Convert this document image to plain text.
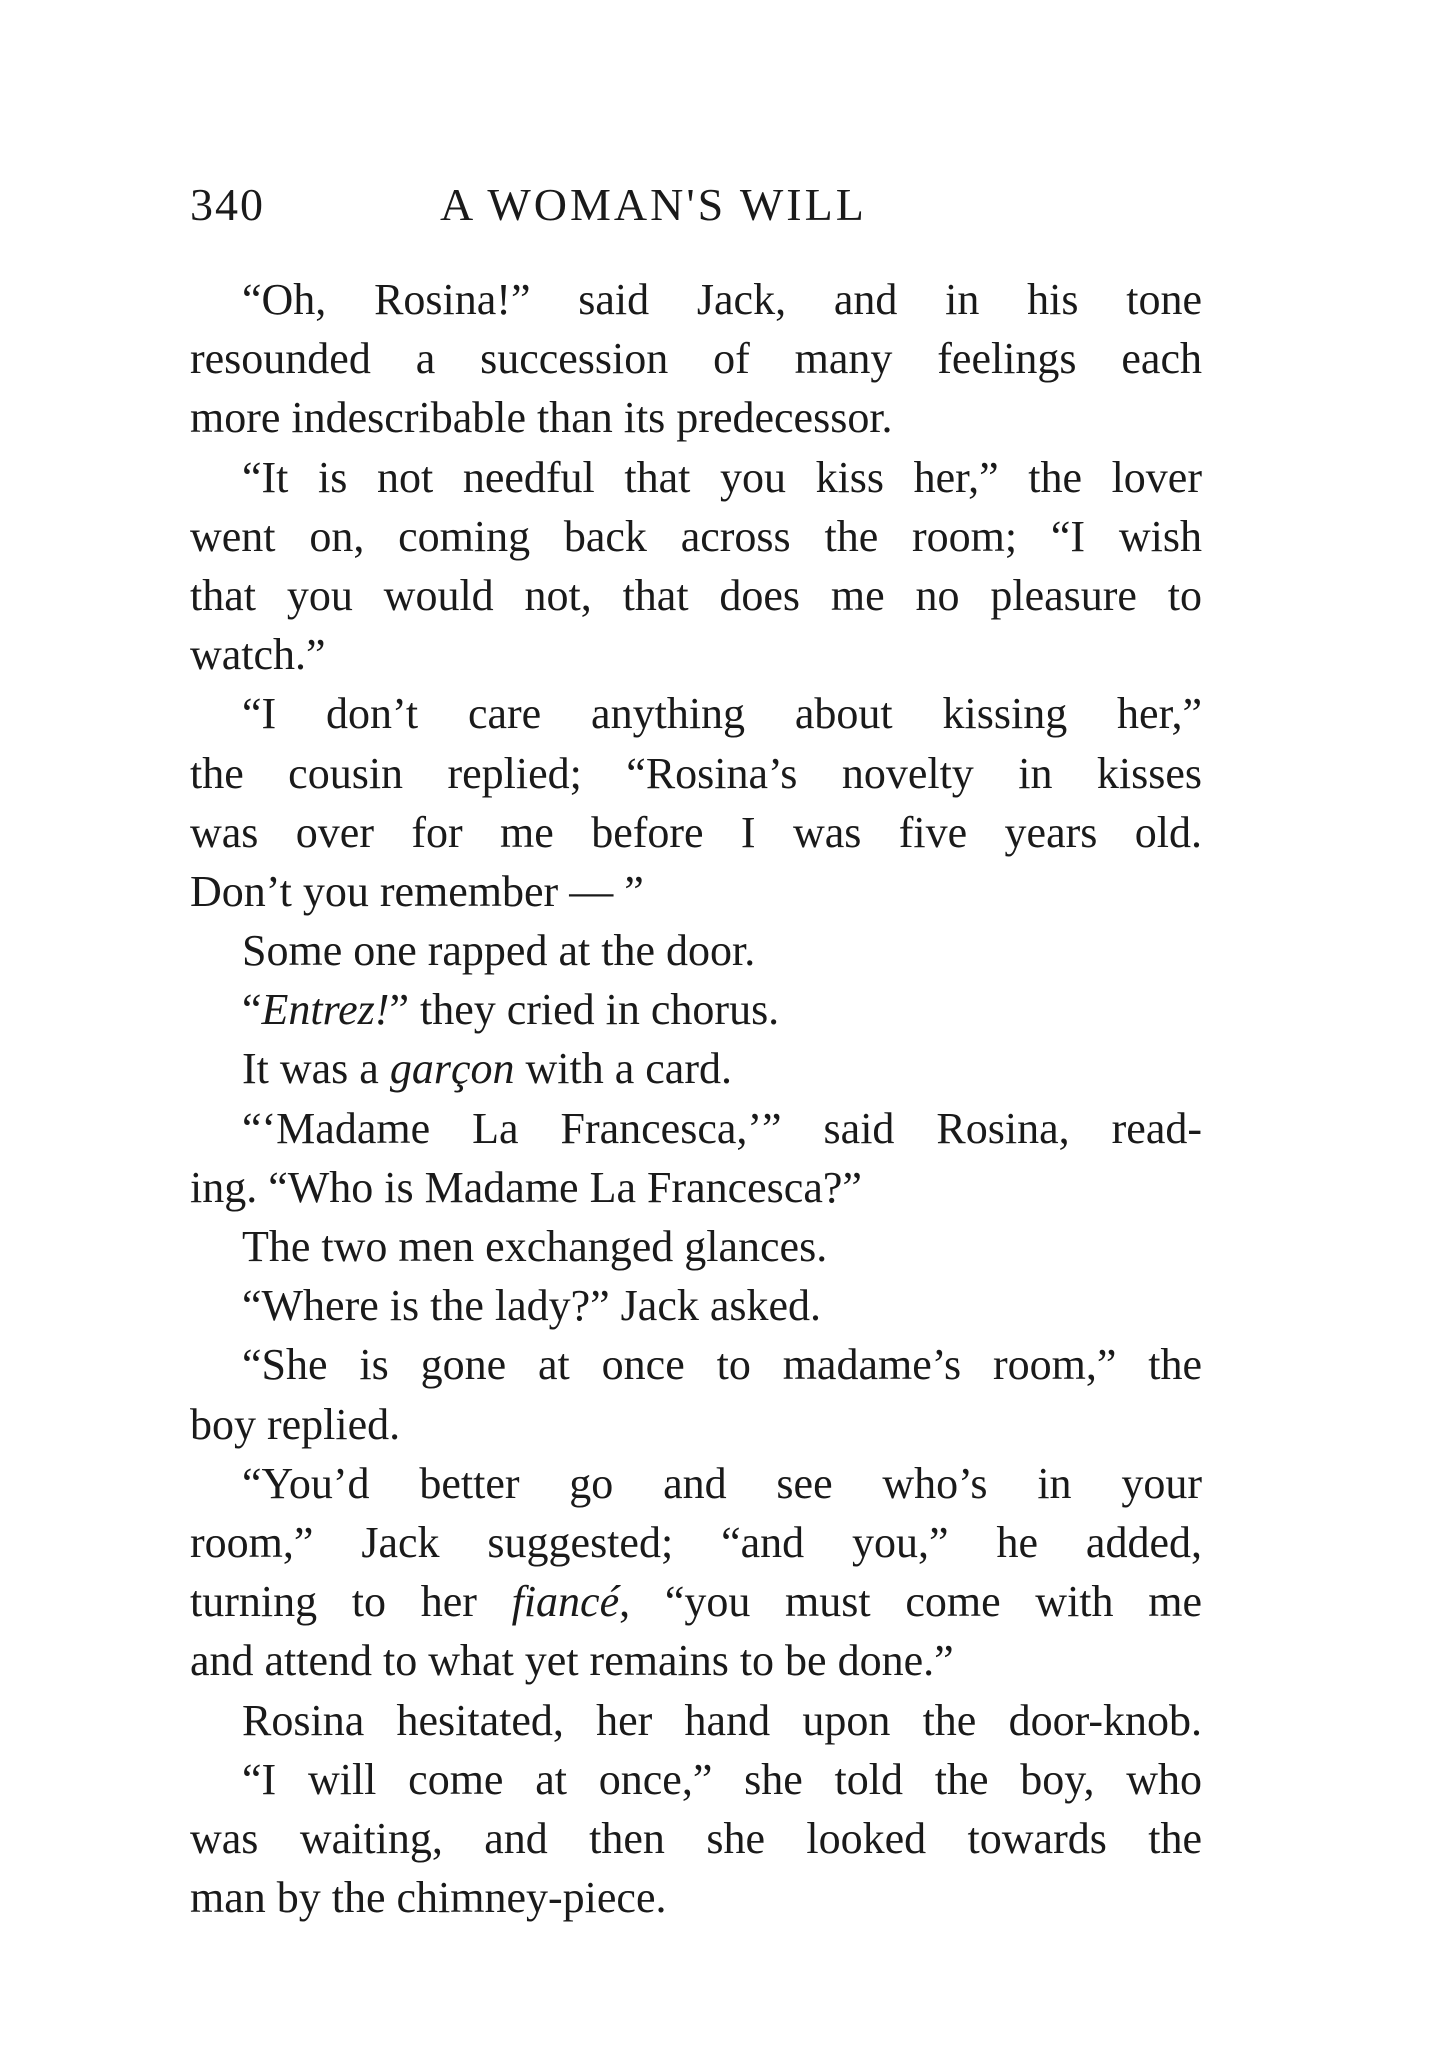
340	A WOMAN'S WILL
“Oh, Rosina!” said Jack, and in his tone
resounded a succession of many feelings each
more indescribable than its predecessor.
“It is not needful that you kiss her,” the lover
went on, coming back across the room; “I wish
that you would not, that does me no pleasure to
watch.”
“I don’t care anything about kissing her,”
the cousin replied; “Rosina’s novelty in kisses
was over for me before I was five years old.
Don’t you remember — ”
Some one rapped at the door.
“Entrez!” they cried in chorus.
It was a garçon with a card.
“‘Madame La Francesca,’” said Rosina, read-
ing. “Who is Madame La Francesca?”
The two men exchanged glances.
“Where is the lady?” Jack asked.
“She is gone at once to madame’s room,” the
boy replied.
“You’d better go and see who’s in your
room,” Jack suggested; “and you,” he added,
turning to her fiancé, “you must come with me
and attend to what yet remains to be done.”
Rosina hesitated, her hand upon the door-knob.
“I will come at once,” she told the boy, who
was waiting, and then she looked towards the
man by the chimney-piece.
